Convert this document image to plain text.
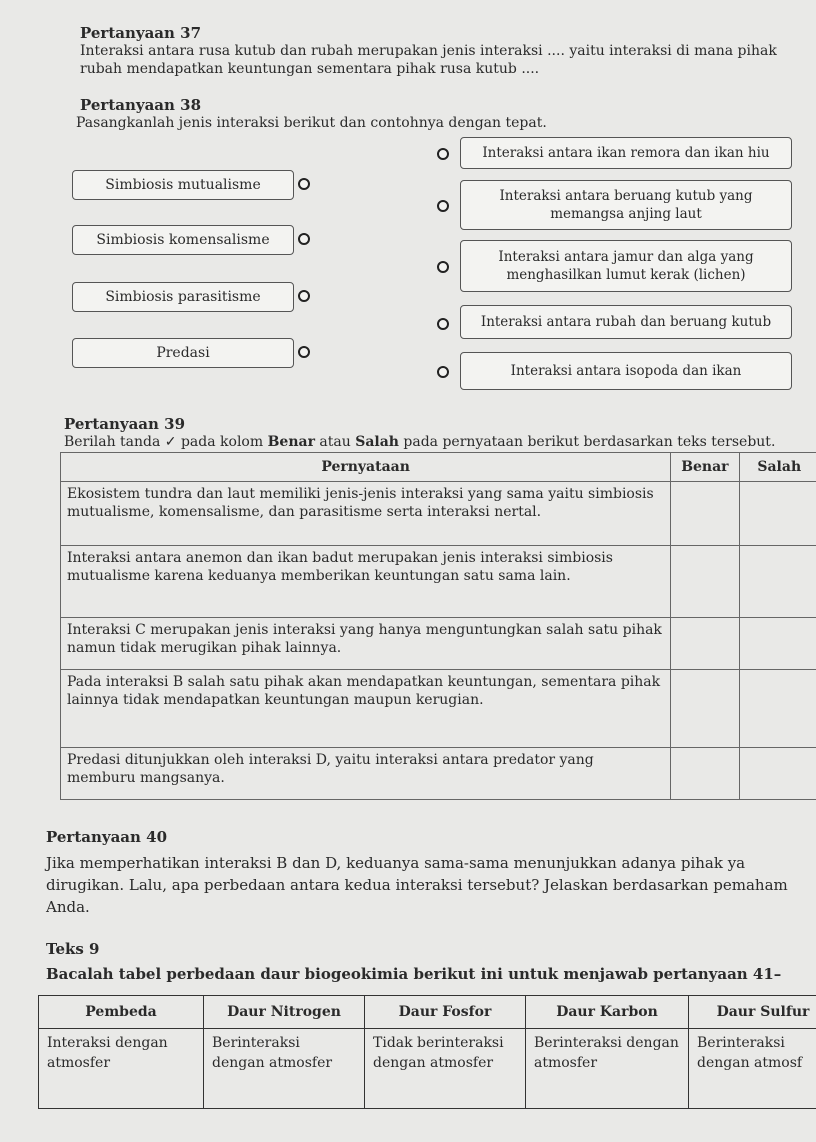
Pertanyaan 37
Interaksi antara rusa kutub dan rubah merupakan jenis interaksi .... yaitu interaksi di mana pihak
rubah mendapatkan keuntungan sementara pihak rusa kutub ....
Pertanyaan 38
Pasangkanlah jenis interaksi berikut dan contohnya dengan tepat.
Simbiosis mutualisme
Simbiosis komensalisme
Simbiosis parasitisme
Predasi
Interaksi antara ikan remora dan ikan hiu
Interaksi antara beruang kutub yang
memangsa anjing laut
Interaksi antara jamur dan alga yang
menghasilkan lumut kerak (lichen)
Interaksi antara rubah dan beruang kutub
Interaksi antara isopoda dan ikan
Pertanyaan 39
Berilah tanda ✓ pada kolom Benar atau Salah pada pernyataan berikut berdasarkan teks tersebut.
Pernyataan	Benar	Salah
Ekosistem tundra dan laut memiliki jenis-jenis interaksi yang sama yaitu simbiosis mutualisme, komensalisme, dan parasitisme serta interaksi nertal.		
Interaksi antara anemon dan ikan badut merupakan jenis interaksi simbiosis mutualisme karena keduanya memberikan keuntungan satu sama lain.		
Interaksi C merupakan jenis interaksi yang hanya menguntungkan salah satu pihak namun tidak merugikan pihak lainnya.		
Pada interaksi B salah satu pihak akan mendapatkan keuntungan, sementara pihak lainnya tidak mendapatkan keuntungan maupun kerugian.		
Predasi ditunjukkan oleh interaksi D, yaitu interaksi antara predator yang memburu mangsanya.		
Pertanyaan 40
Jika memperhatikan interaksi B dan D, keduanya sama-sama menunjukkan adanya pihak ya
dirugikan. Lalu, apa perbedaan antara kedua interaksi tersebut? Jelaskan berdasarkan pemaham
Anda.
Teks 9
Bacalah tabel perbedaan daur biogeokimia berikut ini untuk menjawab pertanyaan 41–
Pembeda	Daur Nitrogen	Daur Fosfor	Daur Karbon	Daur Sulfur
Interaksi dengan atmosfer	Berinteraksi dengan atmosfer	Tidak berinteraksi dengan atmosfer	Berinteraksi dengan atmosfer	Berinteraksi dengan atmosf
